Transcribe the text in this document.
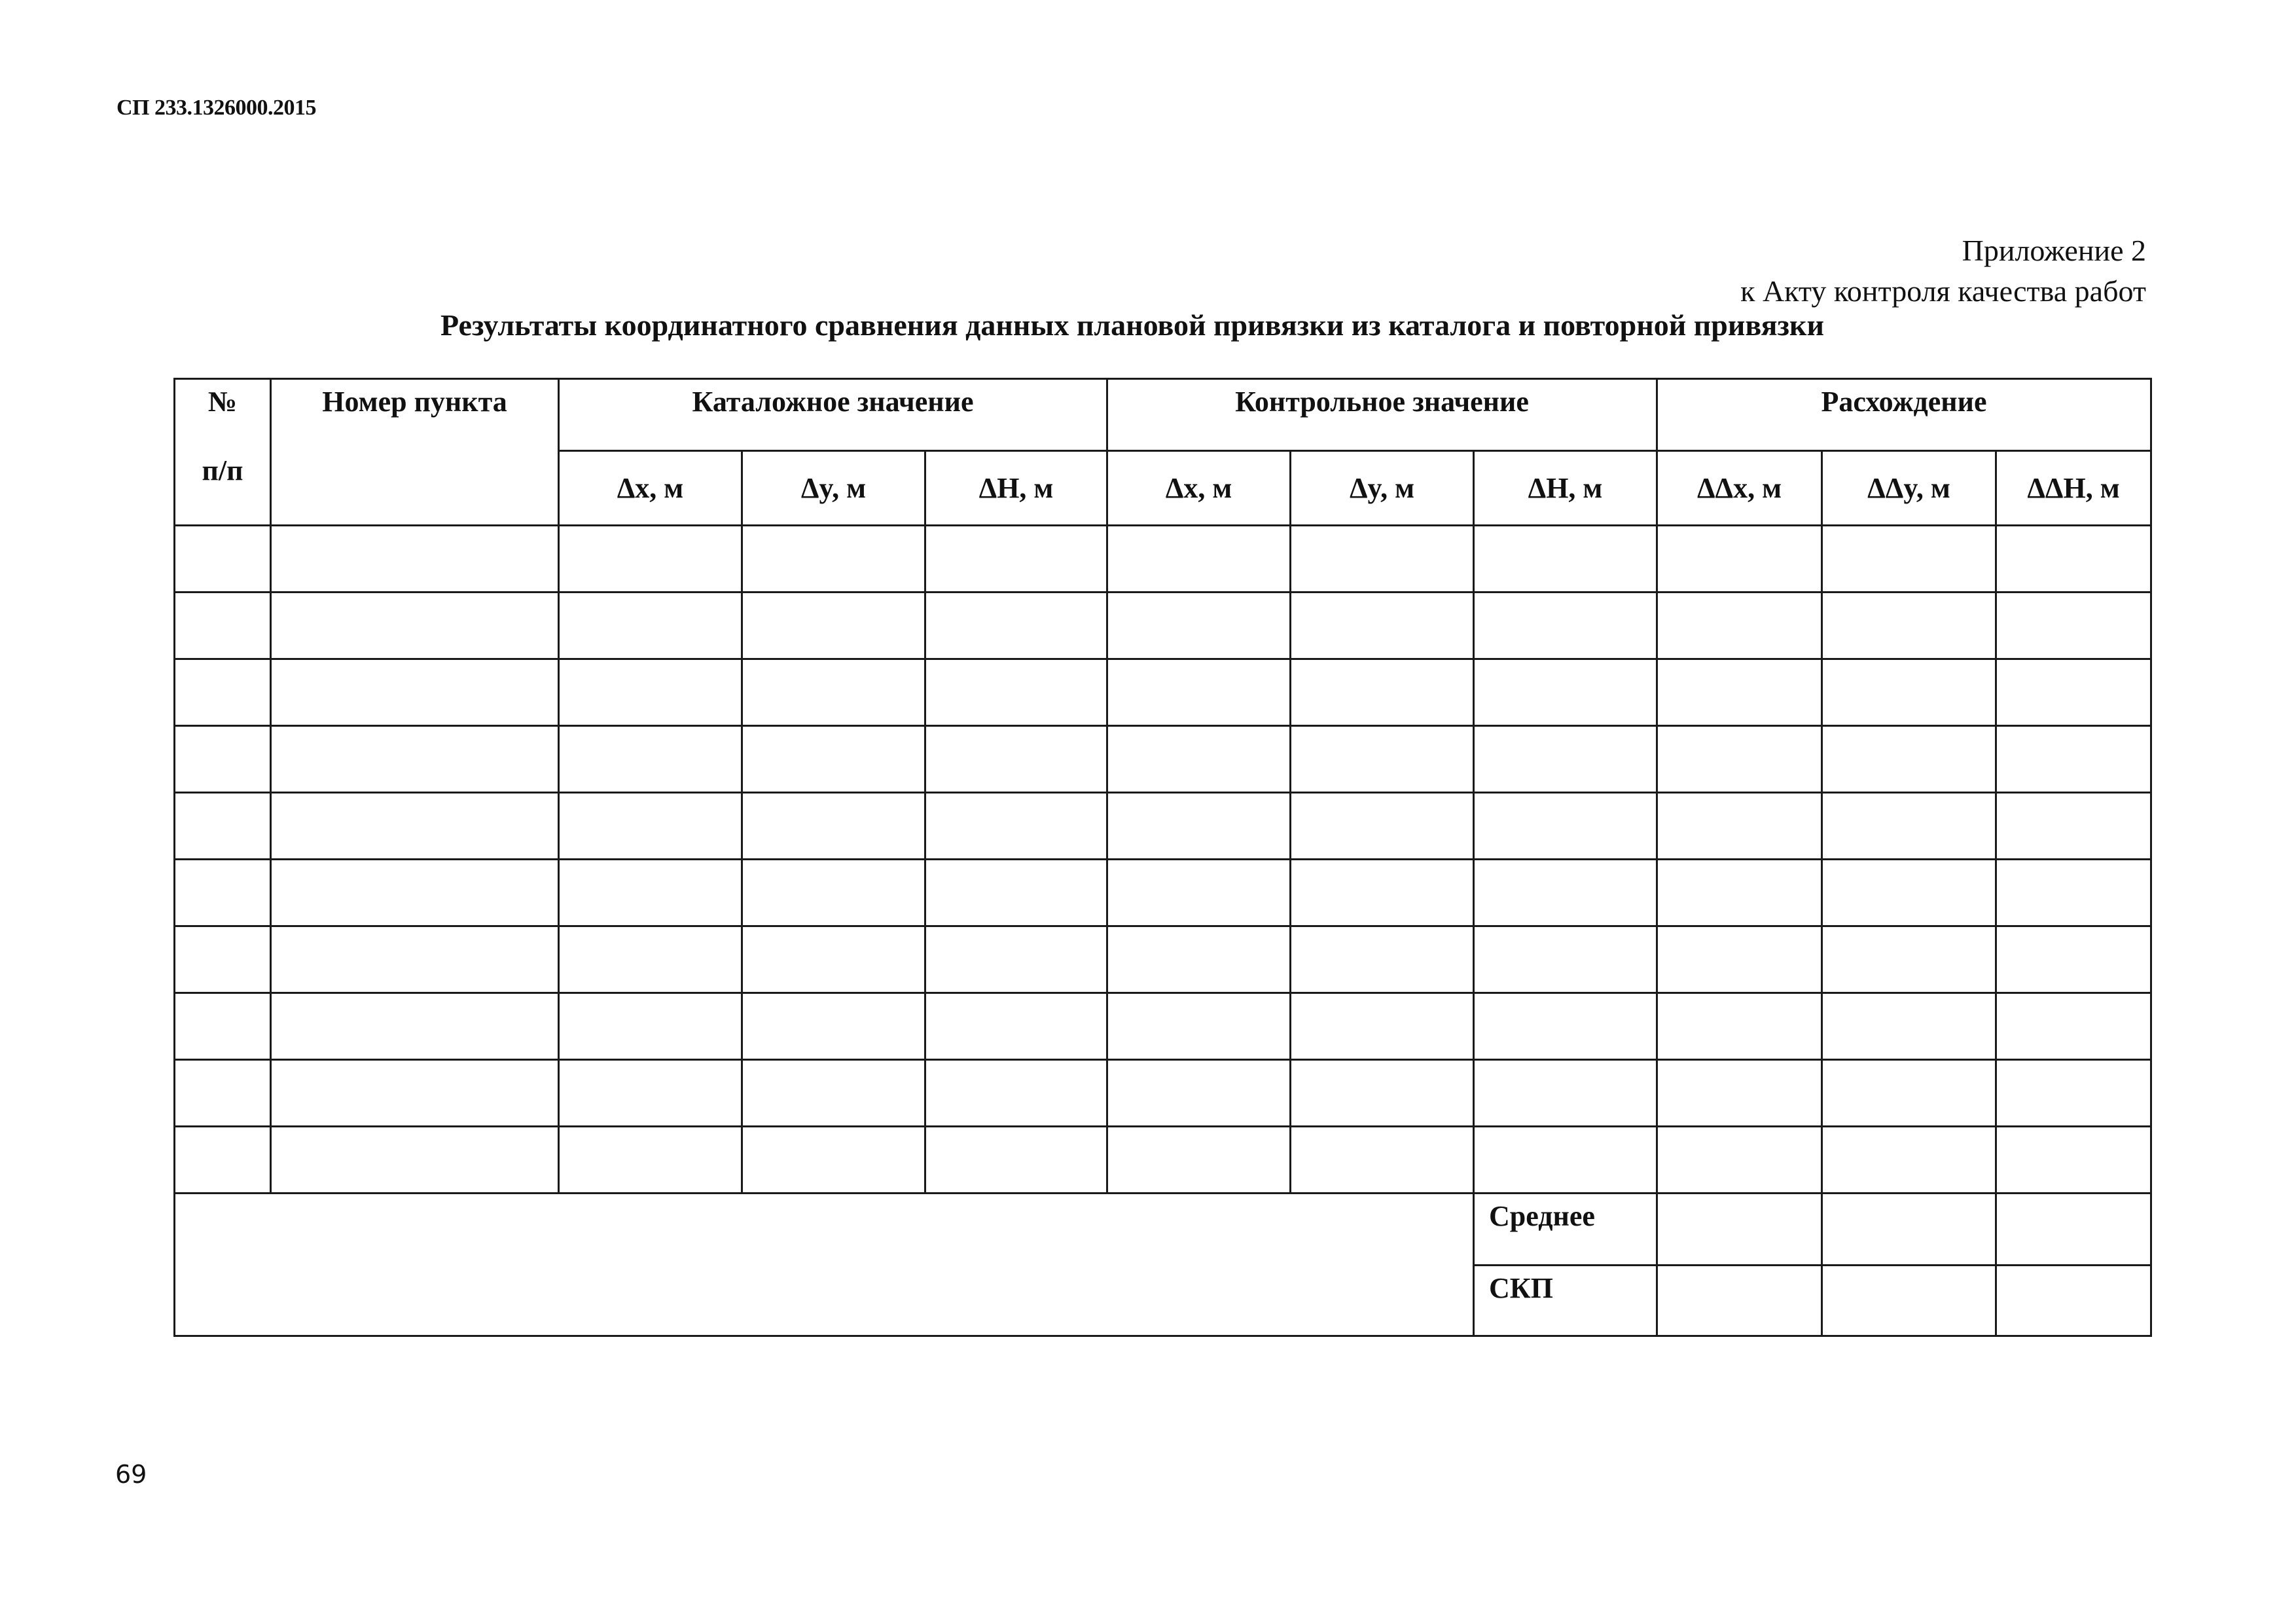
СП 233.1326000.2015
Приложение 2
к Акту контроля качества работ
Результаты координатного сравнения данных плановой привязки из каталога и повторной привязки
№
п/п	Номер пункта	Каталожное значение			Контрольное значение			Расхождение		
		Δx, м	Δy, м	ΔH, м	Δx, м	Δy, м	ΔH, м	ΔΔx, м	ΔΔy, м	ΔΔH, м

							Среднее			
							СКП			
69
